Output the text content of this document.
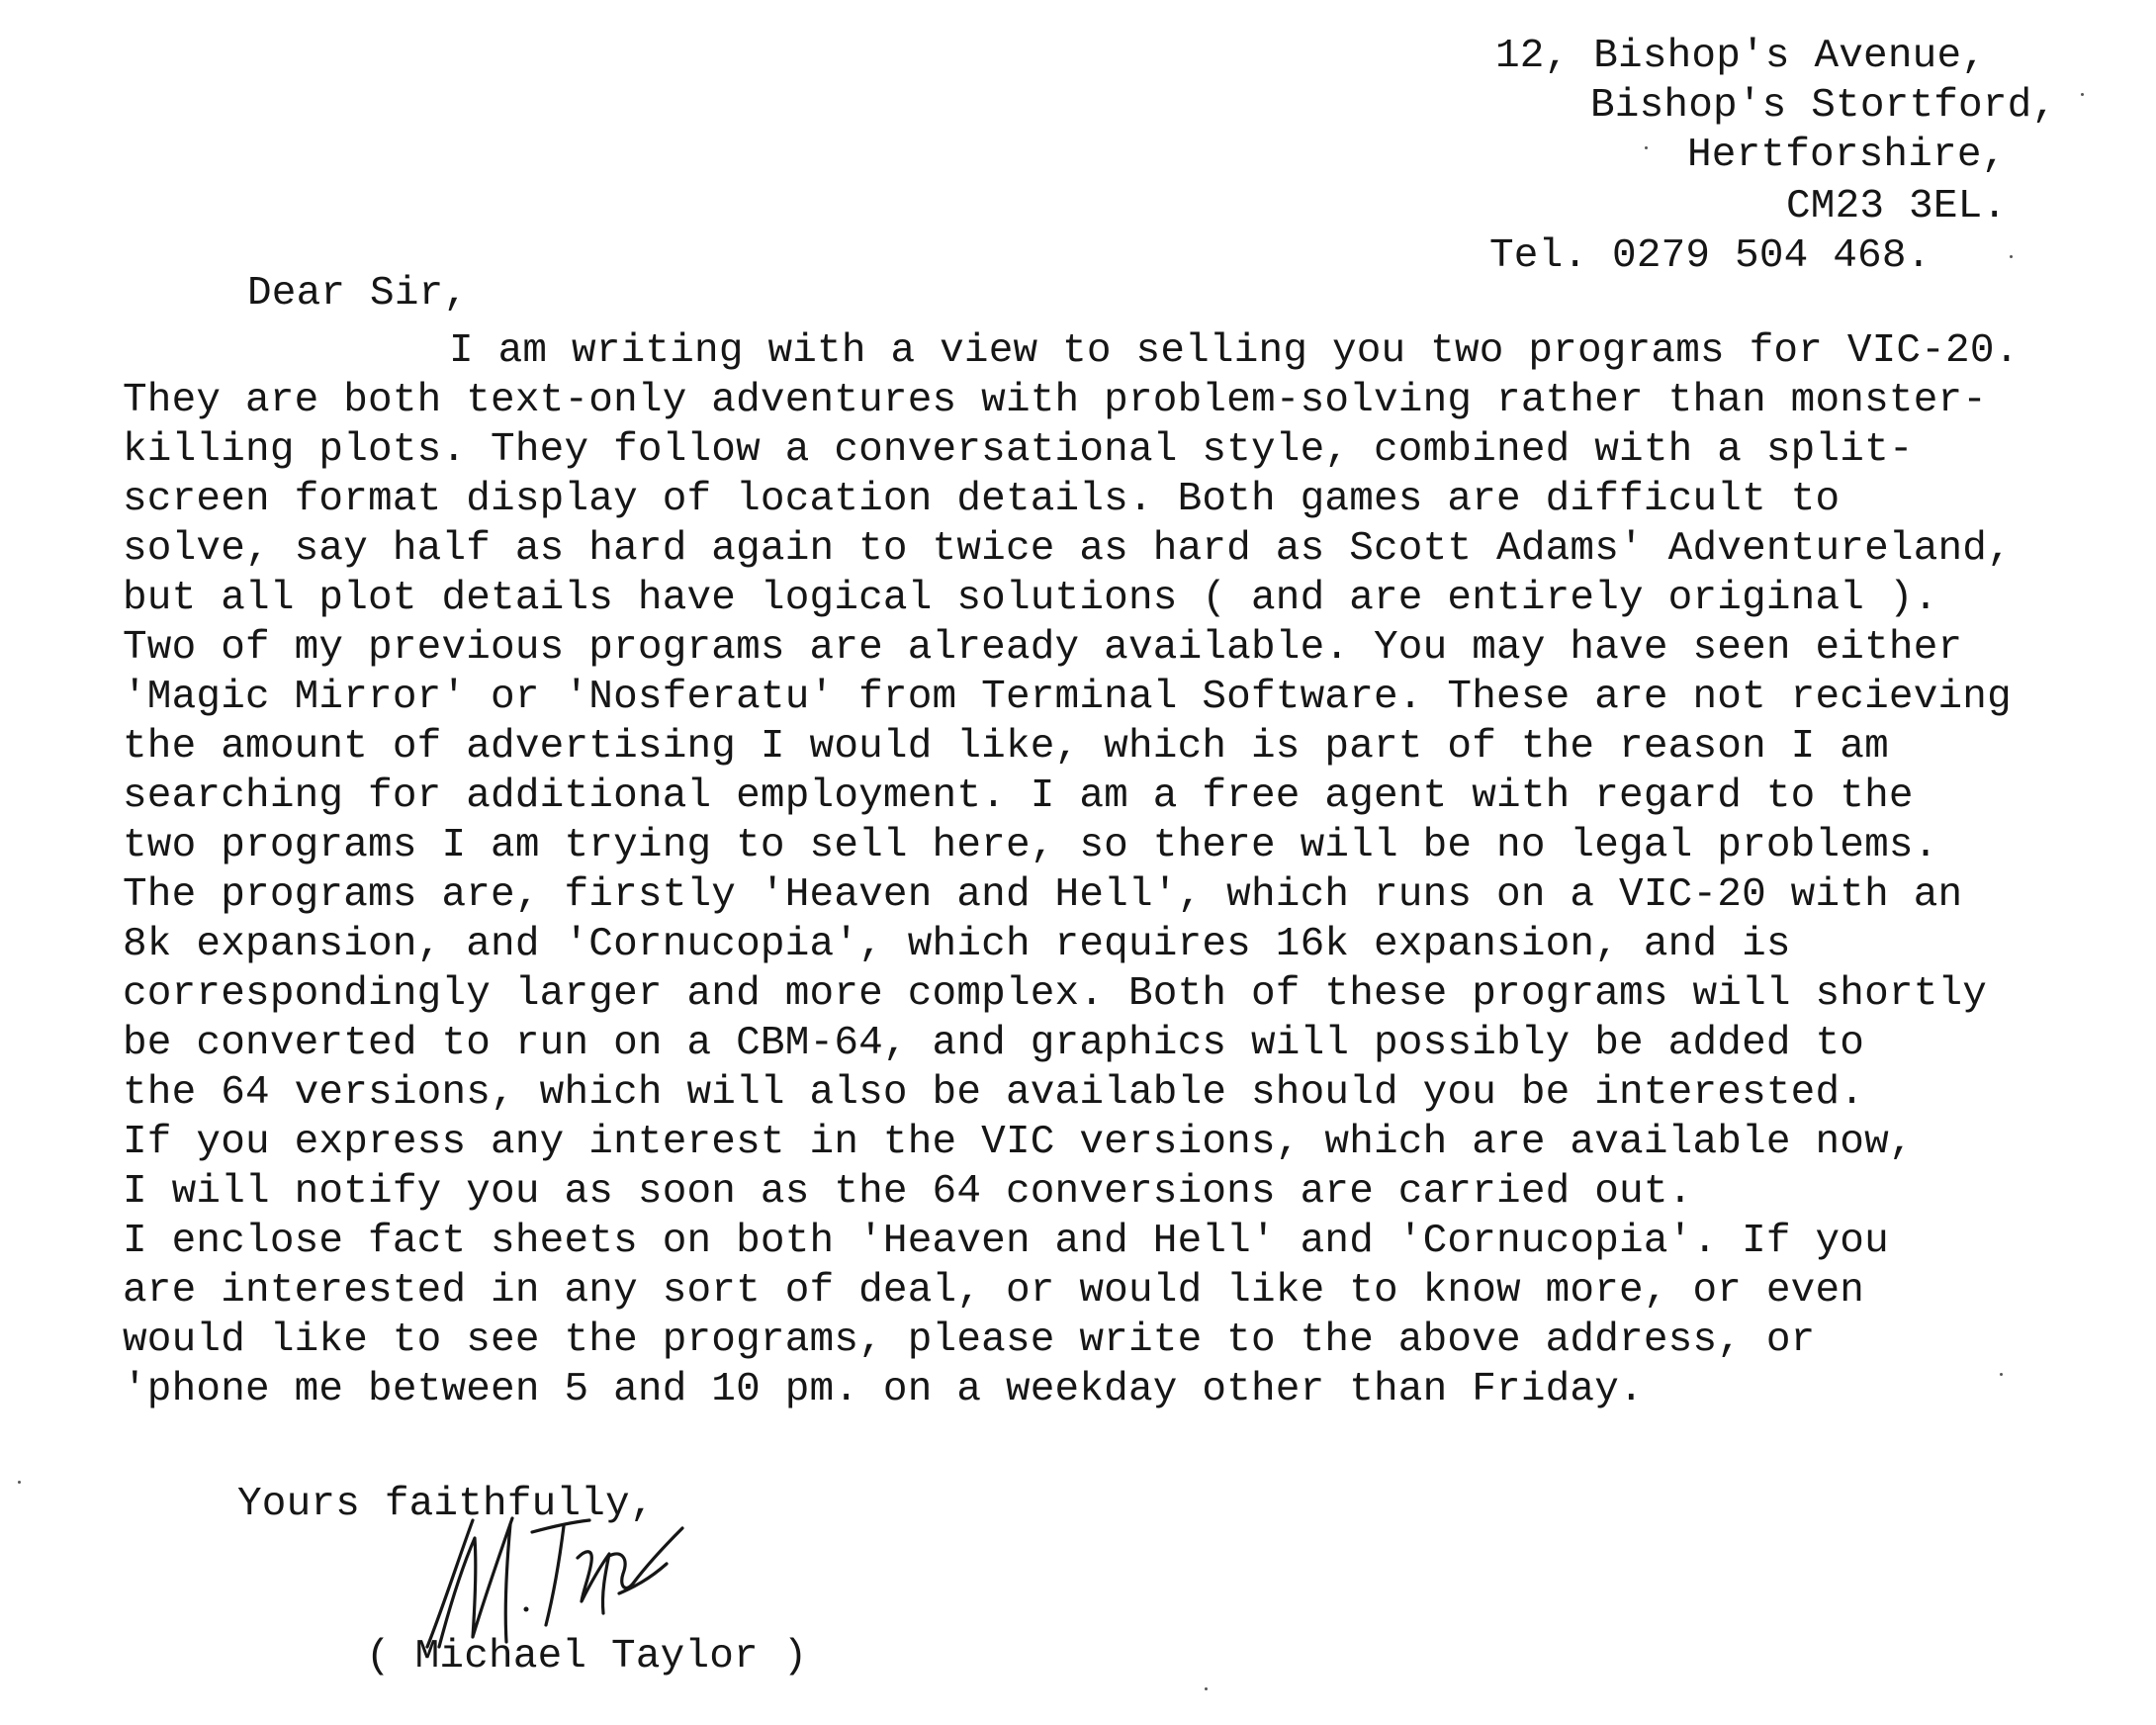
12, Bishop's Avenue,
Bishop's Stortford,
Hertforshire,
CM23 3EL.
Tel. 0279 504 468.
Dear Sir,
I am writing with a view to selling you two programs for VIC-20.
They are both text-only adventures with problem-solving rather than monster-
killing plots. They follow a conversational style, combined with a split-
screen format display of location details. Both games are difficult to
solve, say half as hard again to twice as hard as Scott Adams' Adventureland,
but all plot details have logical solutions ( and are entirely original ).
Two of my previous programs are already available. You may have seen either
'Magic Mirror' or 'Nosferatu' from Terminal Software. These are not recieving
the amount of advertising I would like, which is part of the reason I am
searching for additional employment. I am a free agent with regard to the
two programs I am trying to sell here, so there will be no legal problems.
The programs are, firstly 'Heaven and Hell', which runs on a VIC-20 with an
8k expansion, and 'Cornucopia', which requires 16k expansion, and is
correspondingly larger and more complex. Both of these programs will shortly
be converted to run on a CBM-64, and graphics will possibly be added to
the 64 versions, which will also be available should you be interested.
If you express any interest in the VIC versions, which are available now,
I will notify you as soon as the 64 conversions are carried out.
I enclose fact sheets on both 'Heaven and Hell' and 'Cornucopia'. If you
are interested in any sort of deal, or would like to know more, or even
would like to see the programs, please write to the above address, or
'phone me between 5 and 10 pm. on a weekday other than Friday.
Yours faithfully,
( Michael Taylor )
